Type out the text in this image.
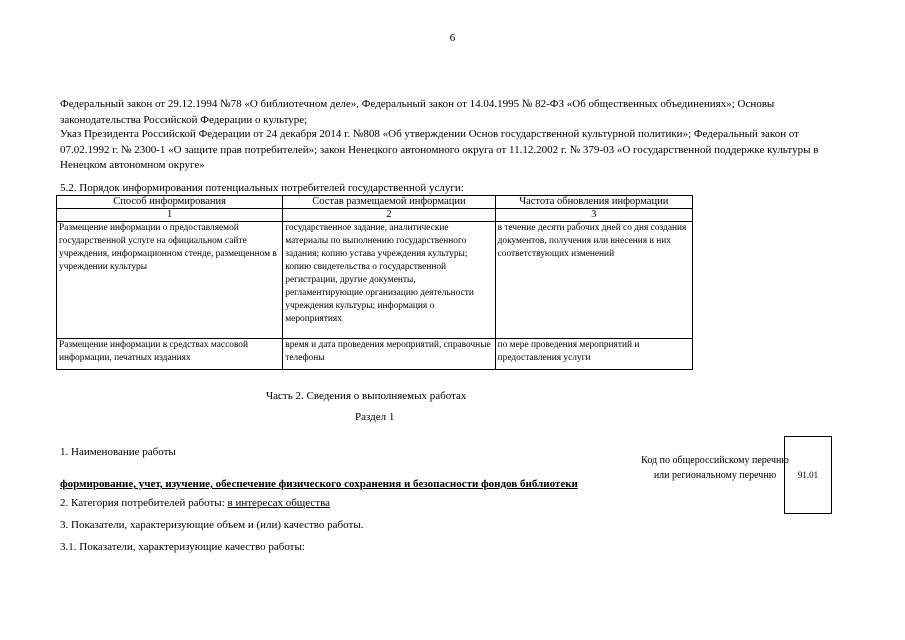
6
Федеральный закон от 29.12.1994 №78 «О библиотечном деле», Федеральный закон от 14.04.1995 № 82-ФЗ «Об общественных объединениях»; Основы законодательства Российской Федерации о культуре;
Указ Президента Российской Федерации от 24 декабря 2014 г. №808 «Об утверждении Основ государственной культурной политики»; Федеральный закон от 07.02.1992 г. № 2300-1 «О защите прав потребителей»; закон Ненецкого автономного округа от 11.12.2002 г. № 379-03 «О государственной поддержке культуры в Ненецком автономном округе»
5.2. Порядок информирования потенциальных потребителей государственной услуги:
Способ информирования	Состав размещаемой информации	Частота обновления информации
1	2	3
Размещение информации о предоставляемой государственной услуге на официальном сайте учреждения, информационном стенде, размещенном в учреждении культуры	государственное задание, аналитические материалы по выполнению государственного задания; копию устава учреждения культуры; копию свидетельства о государственной регистрации, другие документы, регламентирующие организацию деятельности учреждения культуры; информация о мероприятиях	в течение десяти рабочих дней со дня создания документов, получения или внесения в них соответствующих изменений
Размещение информации в средствах массовой информации, печатных изданиях	время и дата проведения мероприятий, справочные телефоны	по мере проведения мероприятий и предоставления услуги
Часть 2. Сведения о выполняемых работах
Раздел 1
1. Наименование работы
формирование, учет, изучение, обеспечение физического сохранения и безопасности фондов библиотеки
2. Категория потребителей работы: в интересах общества
3. Показатели, характеризующие объем и (или) качество работы.
3.1. Показатели, характеризующие качество работы:
Код по общероссийскому перечню или региональному перечню	91.01
